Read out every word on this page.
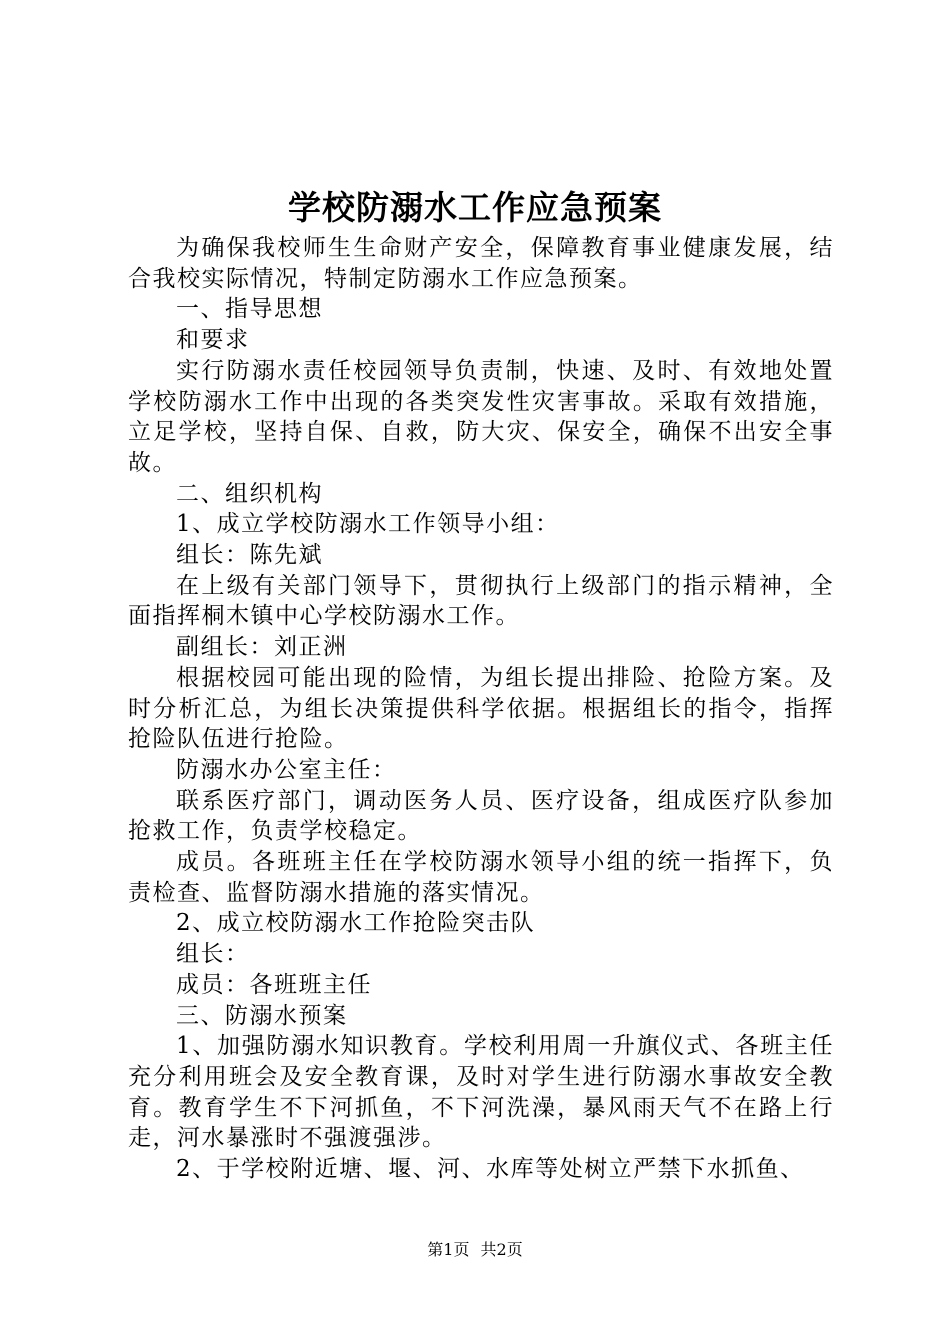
学校防溺水工作应急预案

为确保我校师生生命财产安全，保障教育事业健康发展，结合我校实际情况，特制定防溺水工作应急预案。

一、指导思想

和要求

实行防溺水责任校园领导负责制，快速、及时、有效地处置学校防溺水工作中出现的各类突发性灾害事故。采取有效措施，立足学校，坚持自保、自救，防大灾、保安全，确保不出安全事故。

二、组织机构

1、成立学校防溺水工作领导小组：

组长：陈先斌

在上级有关部门领导下，贯彻执行上级部门的指示精神，全面指挥桐木镇中心学校防溺水工作。

副组长：刘正洲

根据校园可能出现的险情，为组长提出排险、抢险方案。及时分析汇总，为组长决策提供科学依据。根据组长的指令，指挥抢险队伍进行抢险。

防溺水办公室主任：

联系医疗部门，调动医务人员、医疗设备，组成医疗队参加抢救工作，负责学校稳定。

成员。各班班主任在学校防溺水领导小组的统一指挥下，负责检查、监督防溺水措施的落实情况。

2、成立校防溺水工作抢险突击队

组长：

成员：各班班主任

三、防溺水预案

1、加强防溺水知识教育。学校利用周一升旗仪式、各班主任充分利用班会及安全教育课，及时对学生进行防溺水事故安全教育。教育学生不下河抓鱼，不下河洗澡，暴风雨天气不在路上行走，河水暴涨时不强渡强涉。

2、于学校附近塘、堰、河、水库等处树立严禁下水抓鱼、

第1页 共2页
